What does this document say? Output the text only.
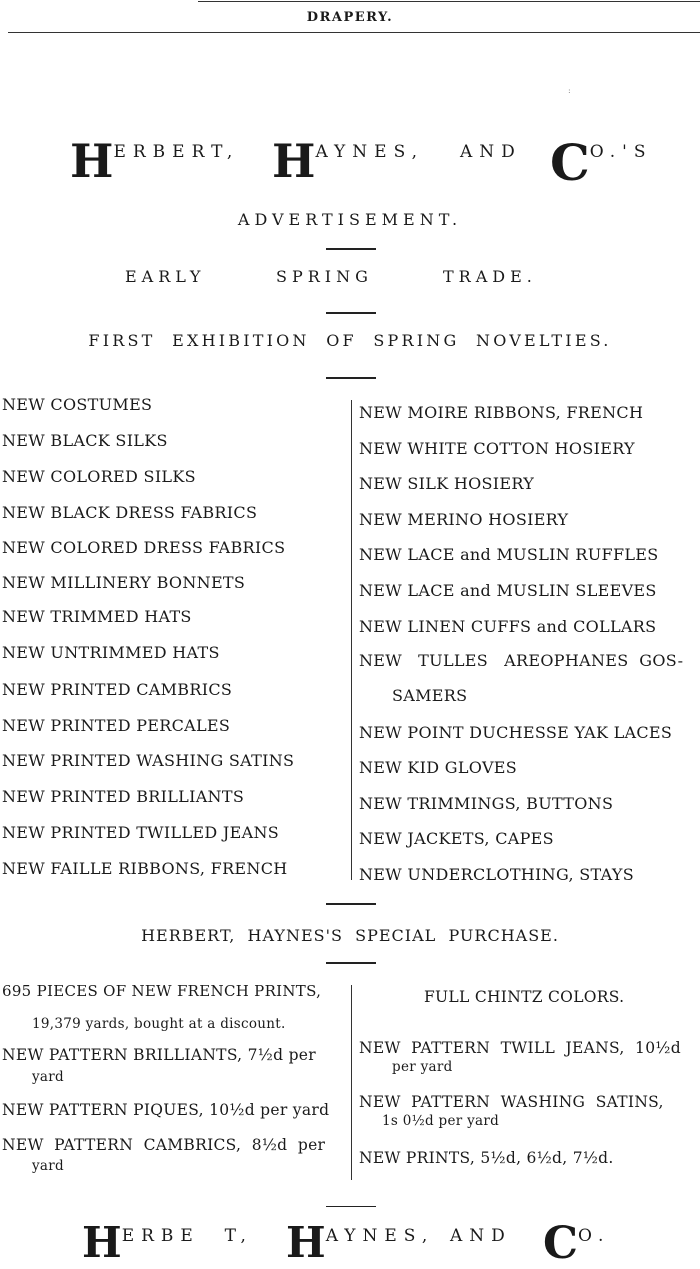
DRAPERY.
:
HERBERT, HAYNES, AND CO.'S
ADVERTISEMENT.
EARLY	SPRING	TRADE.
FIRST  EXHIBITION  OF  SPRING  NOVELTIES.
NEW COSTUMES
NEW BLACK SILKS
NEW COLORED SILKS
NEW BLACK DRESS FABRICS
NEW COLORED DRESS FABRICS
NEW MILLINERY BONNETS
NEW TRIMMED HATS
NEW UNTRIMMED HATS
NEW PRINTED CAMBRICS
NEW PRINTED PERCALES
NEW PRINTED WASHING SATINS
NEW PRINTED BRILLIANTS
NEW PRINTED TWILLED JEANS
NEW FAILLE RIBBONS, FRENCH
NEW MOIRE RIBBONS, FRENCH
NEW WHITE COTTON HOSIERY
NEW SILK HOSIERY
NEW MERINO HOSIERY
NEW LACE and MUSLIN RUFFLES
NEW LACE and MUSLIN SLEEVES
NEW LINEN CUFFS and COLLARS
NEW   TULLES   AREOPHANES  GOS-
SAMERS
NEW POINT DUCHESSE YAK LACES
NEW KID GLOVES
NEW TRIMMINGS, BUTTONS
NEW JACKETS, CAPES
NEW UNDERCLOTHING, STAYS
HERBERT,  HAYNES'S  SPECIAL  PURCHASE.
695 PIECES OF NEW FRENCH PRINTS,
19,379 yards, bought at a discount.
NEW PATTERN BRILLIANTS, 7½d per
yard
NEW PATTERN PIQUES, 10½d per yard
NEW  PATTERN  CAMBRICS,  8½d  per
yard
FULL CHINTZ COLORS.
NEW  PATTERN  TWILL  JEANS,  10½d
per yard
NEW  PATTERN  WASHING  SATINS,
1s 0½d per yard
NEW PRINTS, 5½d, 6½d, 7½d.
HERBE  T, HAYNES, AND CO.
